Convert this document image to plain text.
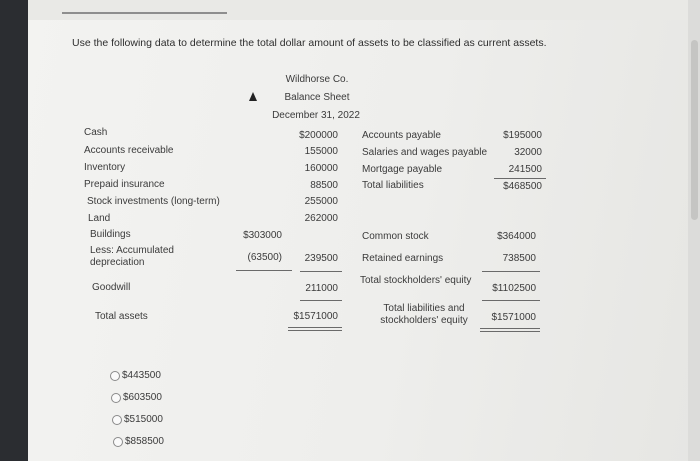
Use the following data to determine the total dollar amount of assets to be classified as current assets.
Wildhorse Co.
Balance Sheet
December 31, 2022
Cash
Accounts receivable
Inventory
Prepaid insurance
Stock investments (long-term)
Land
Buildings
Less: Accumulated depreciation
Goodwill
Total assets
$303000
(63500)
$200000
155000
160000
88500
255000
262000
239500
211000
$1571000
Accounts payable
Salaries and wages payable
Mortgage payable
Total liabilities
$195000
32000
241500
$468500
Common stock
Retained earnings
Total stockholders' equity
Total liabilities and stockholders' equity
$364000
738500
$1102500
$1571000
$443500
$603500
$515000
$858500
